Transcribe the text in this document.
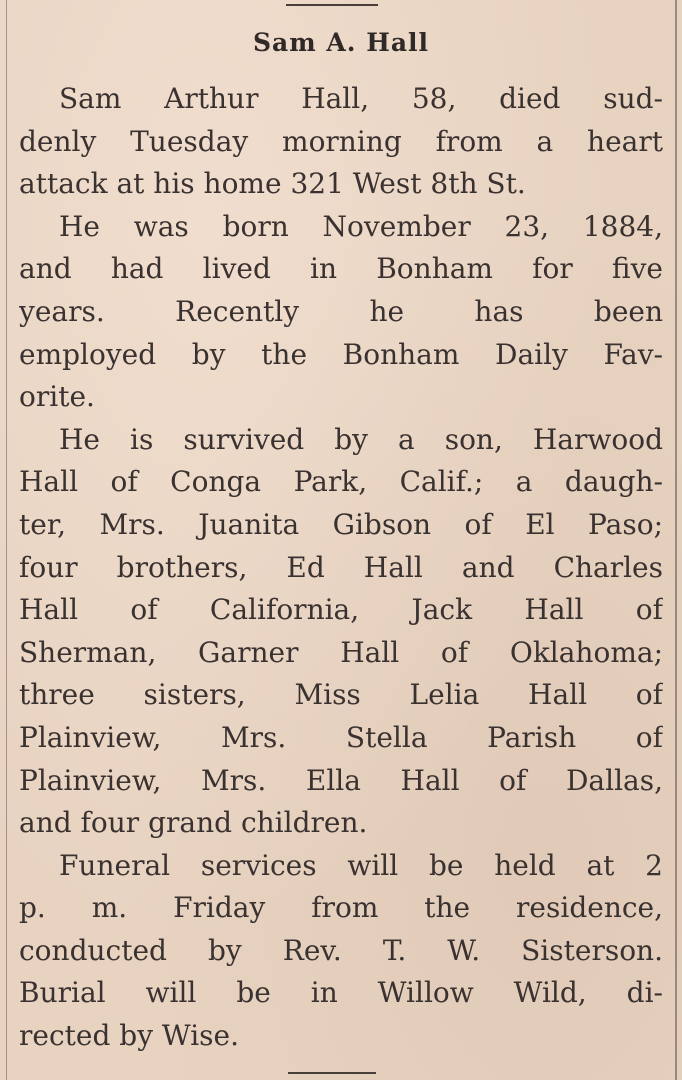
Sam A. Hall
Sam Arthur Hall, 58, died sud-
denly Tuesday morning from a heart
attack at his home 321 West 8th St.
He was born November 23, 1884,
and had lived in Bonham for five
years. Recently he has been
employed by the Bonham Daily Fav-
orite.
He is survived by a son, Harwood
Hall of Conga Park, Calif.; a daugh-
ter, Mrs. Juanita Gibson of El Paso;
four brothers, Ed Hall and Charles
Hall of California, Jack Hall of
Sherman, Garner Hall of Oklahoma;
three sisters, Miss Lelia Hall of
Plainview, Mrs. Stella Parish of
Plainview, Mrs. Ella Hall of Dallas,
and four grand children.
Funeral services will be held at 2
p. m. Friday from the residence,
conducted by Rev. T. W. Sisterson.
Burial will be in Willow Wild, di-
rected by Wise.
